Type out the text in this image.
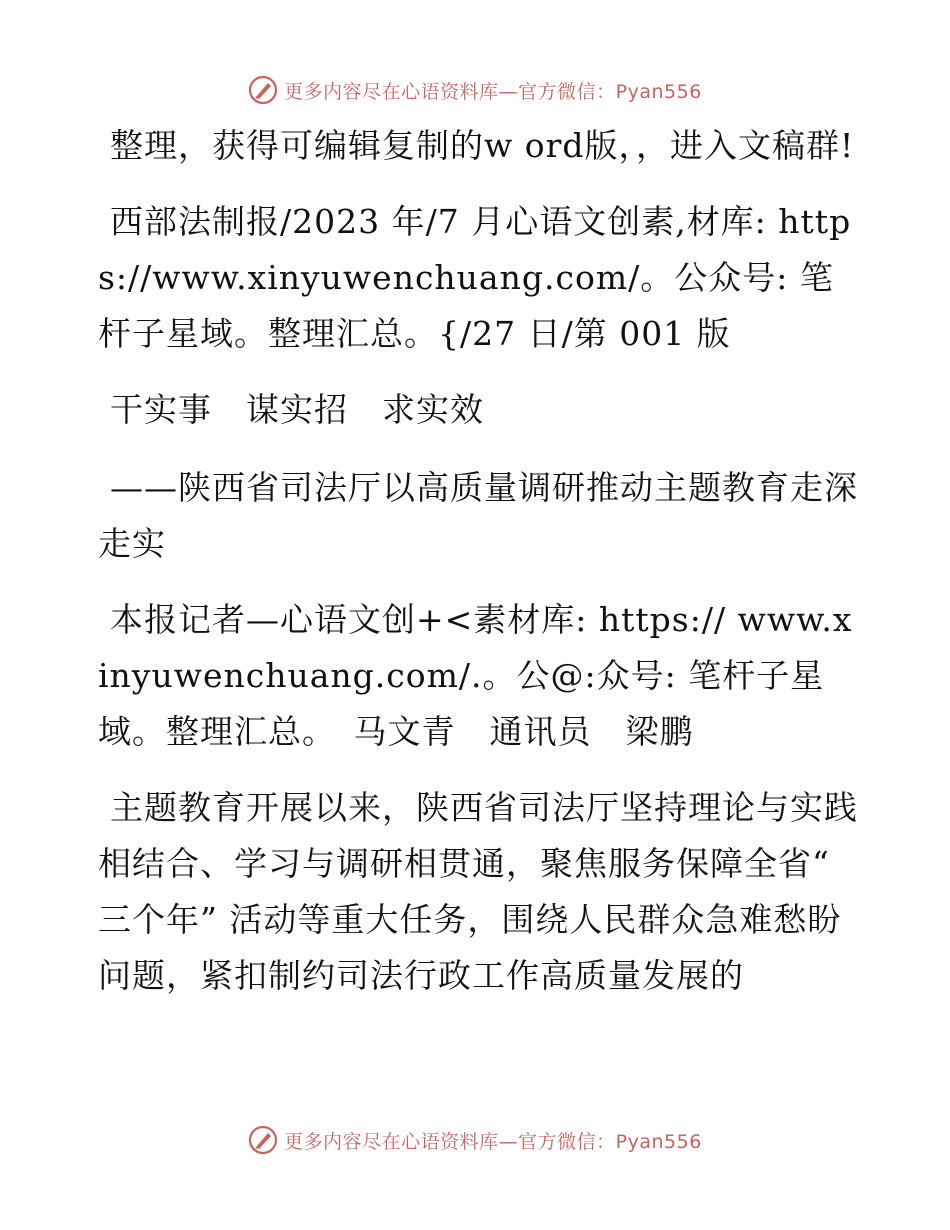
更多内容尽在心语资料库—官方微信：Pyan556

整理，获得可编辑复制的w ord版，，进入文稿群!

西部法制报/2023 年/7 月心语文创素,材库: https://www.xinyuwenchuang.com/。公众号: 笔杆子星域。整理汇总。{/27 日/第 001 版

干实事　谋实招　求实效

——陕西省司法厅以高质量调研推动主题教育走深走实

本报记者—心语文创+<素材库: https:// www.xinyuwenchuang.com/.。公@:众号: 笔杆子星域。整理汇总。　马文青　通讯员　梁鹏

主题教育开展以来，陕西省司法厅坚持理论与实践相结合、学习与调研相贯通，聚焦服务保障全省“ 三个年” 活动等重大任务，围绕人民群众急难愁盼问题，紧扣制约司法行政工作高质量发展的

更多内容尽在心语资料库—官方微信：Pyan556
